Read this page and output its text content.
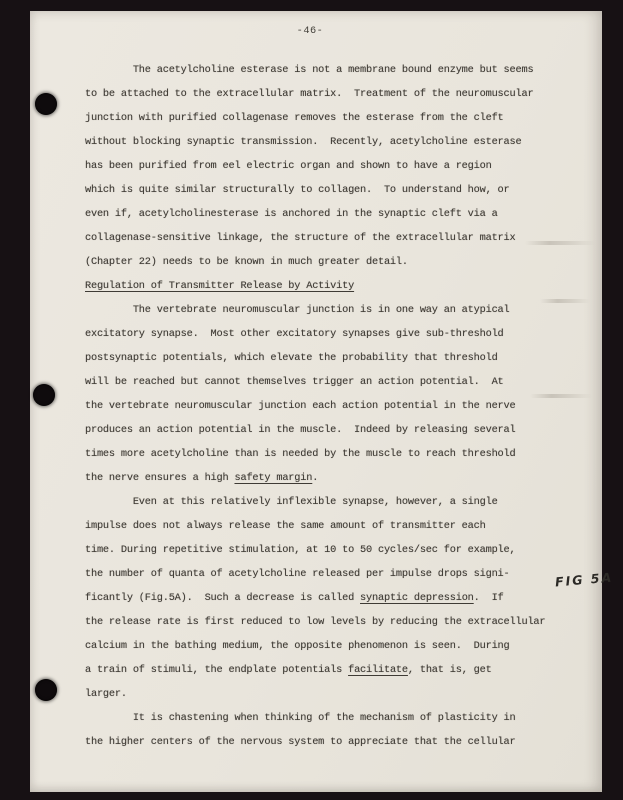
-46-
The acetylcholine esterase is not a membrane bound enzyme but seems
to be attached to the extracellular matrix.  Treatment of the neuromuscular
junction with purified collagenase removes the esterase from the cleft
without blocking synaptic transmission.  Recently, acetylcholine esterase
has been purified from eel electric organ and shown to have a region
which is quite similar structurally to collagen.  To understand how, or
even if, acetylcholinesterase is anchored in the synaptic cleft via a
collagenase-sensitive linkage, the structure of the extracellular matrix
(Chapter 22) needs to be known in much greater detail.
Regulation of Transmitter Release by Activity
The vertebrate neuromuscular junction is in one way an atypical
excitatory synapse.  Most other excitatory synapses give sub-threshold
postsynaptic potentials, which elevate the probability that threshold
will be reached but cannot themselves trigger an action potential.  At
the vertebrate neuromuscular junction each action potential in the nerve
produces an action potential in the muscle.  Indeed by releasing several
times more acetylcholine than is needed by the muscle to reach threshold
the nerve ensures a high safety margin.
Even at this relatively inflexible synapse, however, a single
impulse does not always release the same amount of transmitter each
time. During repetitive stimulation, at 10 to 50 cycles/sec for example,
the number of quanta of acetylcholine released per impulse drops signi-
ficantly (Fig.5A).  Such a decrease is called synaptic depression.  If
the release rate is first reduced to low levels by reducing the extracellular
calcium in the bathing medium, the opposite phenomenon is seen.  During
a train of stimuli, the endplate potentials facilitate, that is, get
larger.
It is chastening when thinking of the mechanism of plasticity in
the higher centers of the nervous system to appreciate that the cellular
FIG 5A
